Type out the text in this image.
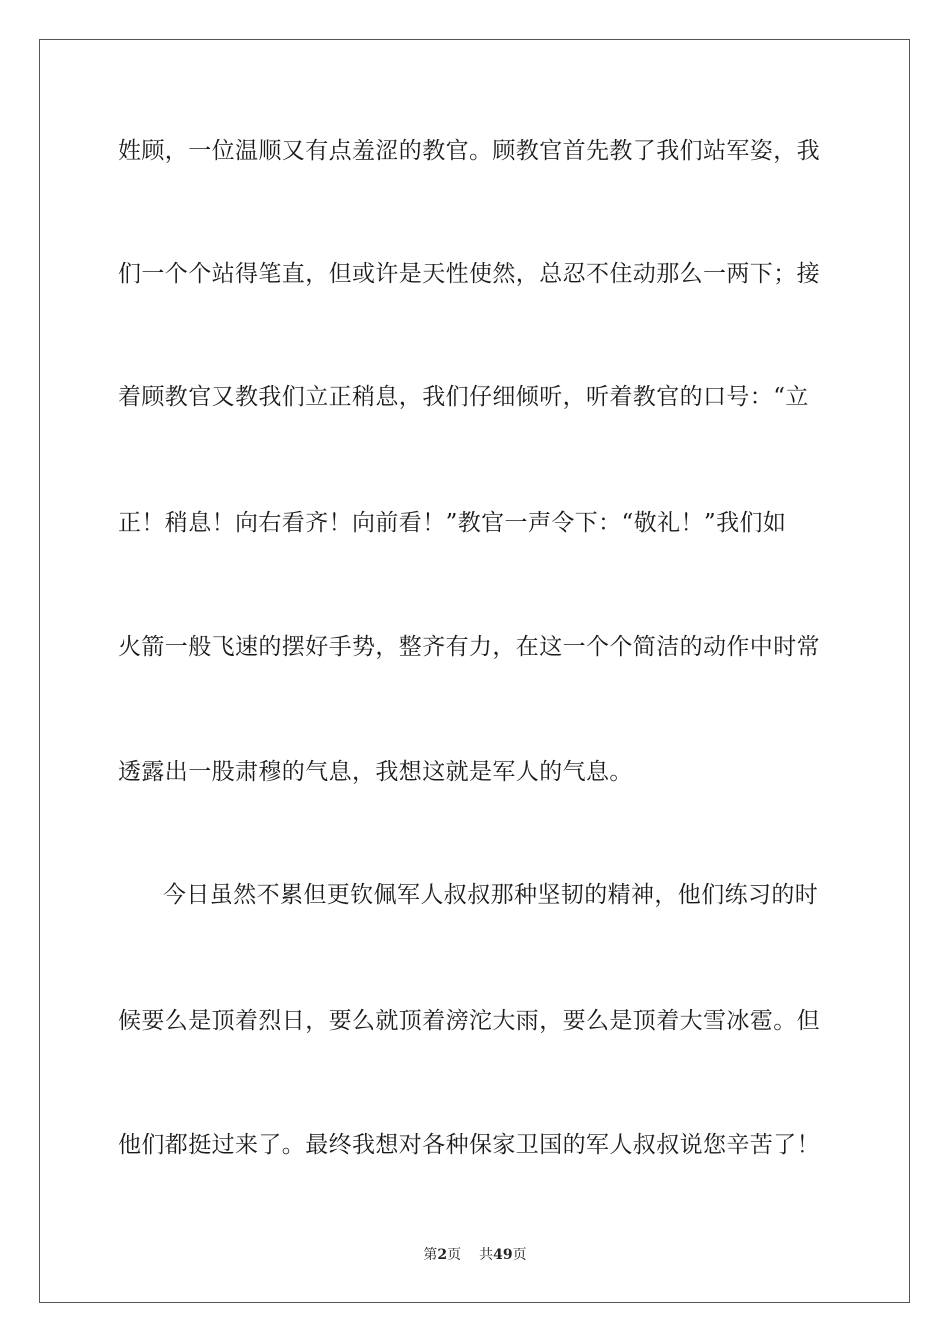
姓顾，一位温顺又有点羞涩的教官。顾教官首先教了我们站军姿，我
们一个个站得笔直，但或许是天性使然，总忍不住动那么一两下；接
着顾教官又教我们立正稍息，我们仔细倾听，听着教官的口号：“立
正！稍息！向右看齐！向前看！”教官一声令下：“敬礼！”我们如
火箭一般飞速的摆好手势，整齐有力，在这一个个简洁的动作中时常
透露出一股肃穆的气息，我想这就是军人的气息。
今日虽然不累但更钦佩军人叔叔那种坚韧的精神，他们练习的时
候要么是顶着烈日，要么就顶着滂沱大雨，要么是顶着大雪冰雹。但
他们都挺过来了。最终我想对各种保家卫国的军人叔叔说您辛苦了！
第2页 共49页
